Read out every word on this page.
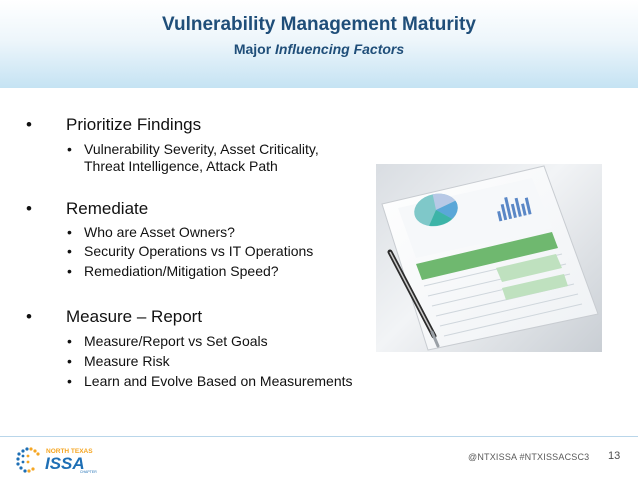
Vulnerability Management Maturity
Major Influencing Factors
• Prioritize Findings
• Vulnerability Severity, Asset Criticality,
Threat Intelligence, Attack Path
• Remediate
• Who are Asset Owners?
• Security Operations vs IT Operations
• Remediation/Mitigation Speed?
• Measure – Report
• Measure/Report vs Set Goals
• Measure Risk
• Learn and Evolve Based on Measurements
NORTH TEXAS
ISSA
CHAPTER
@NTXISSA #NTXISSACSC3 13
